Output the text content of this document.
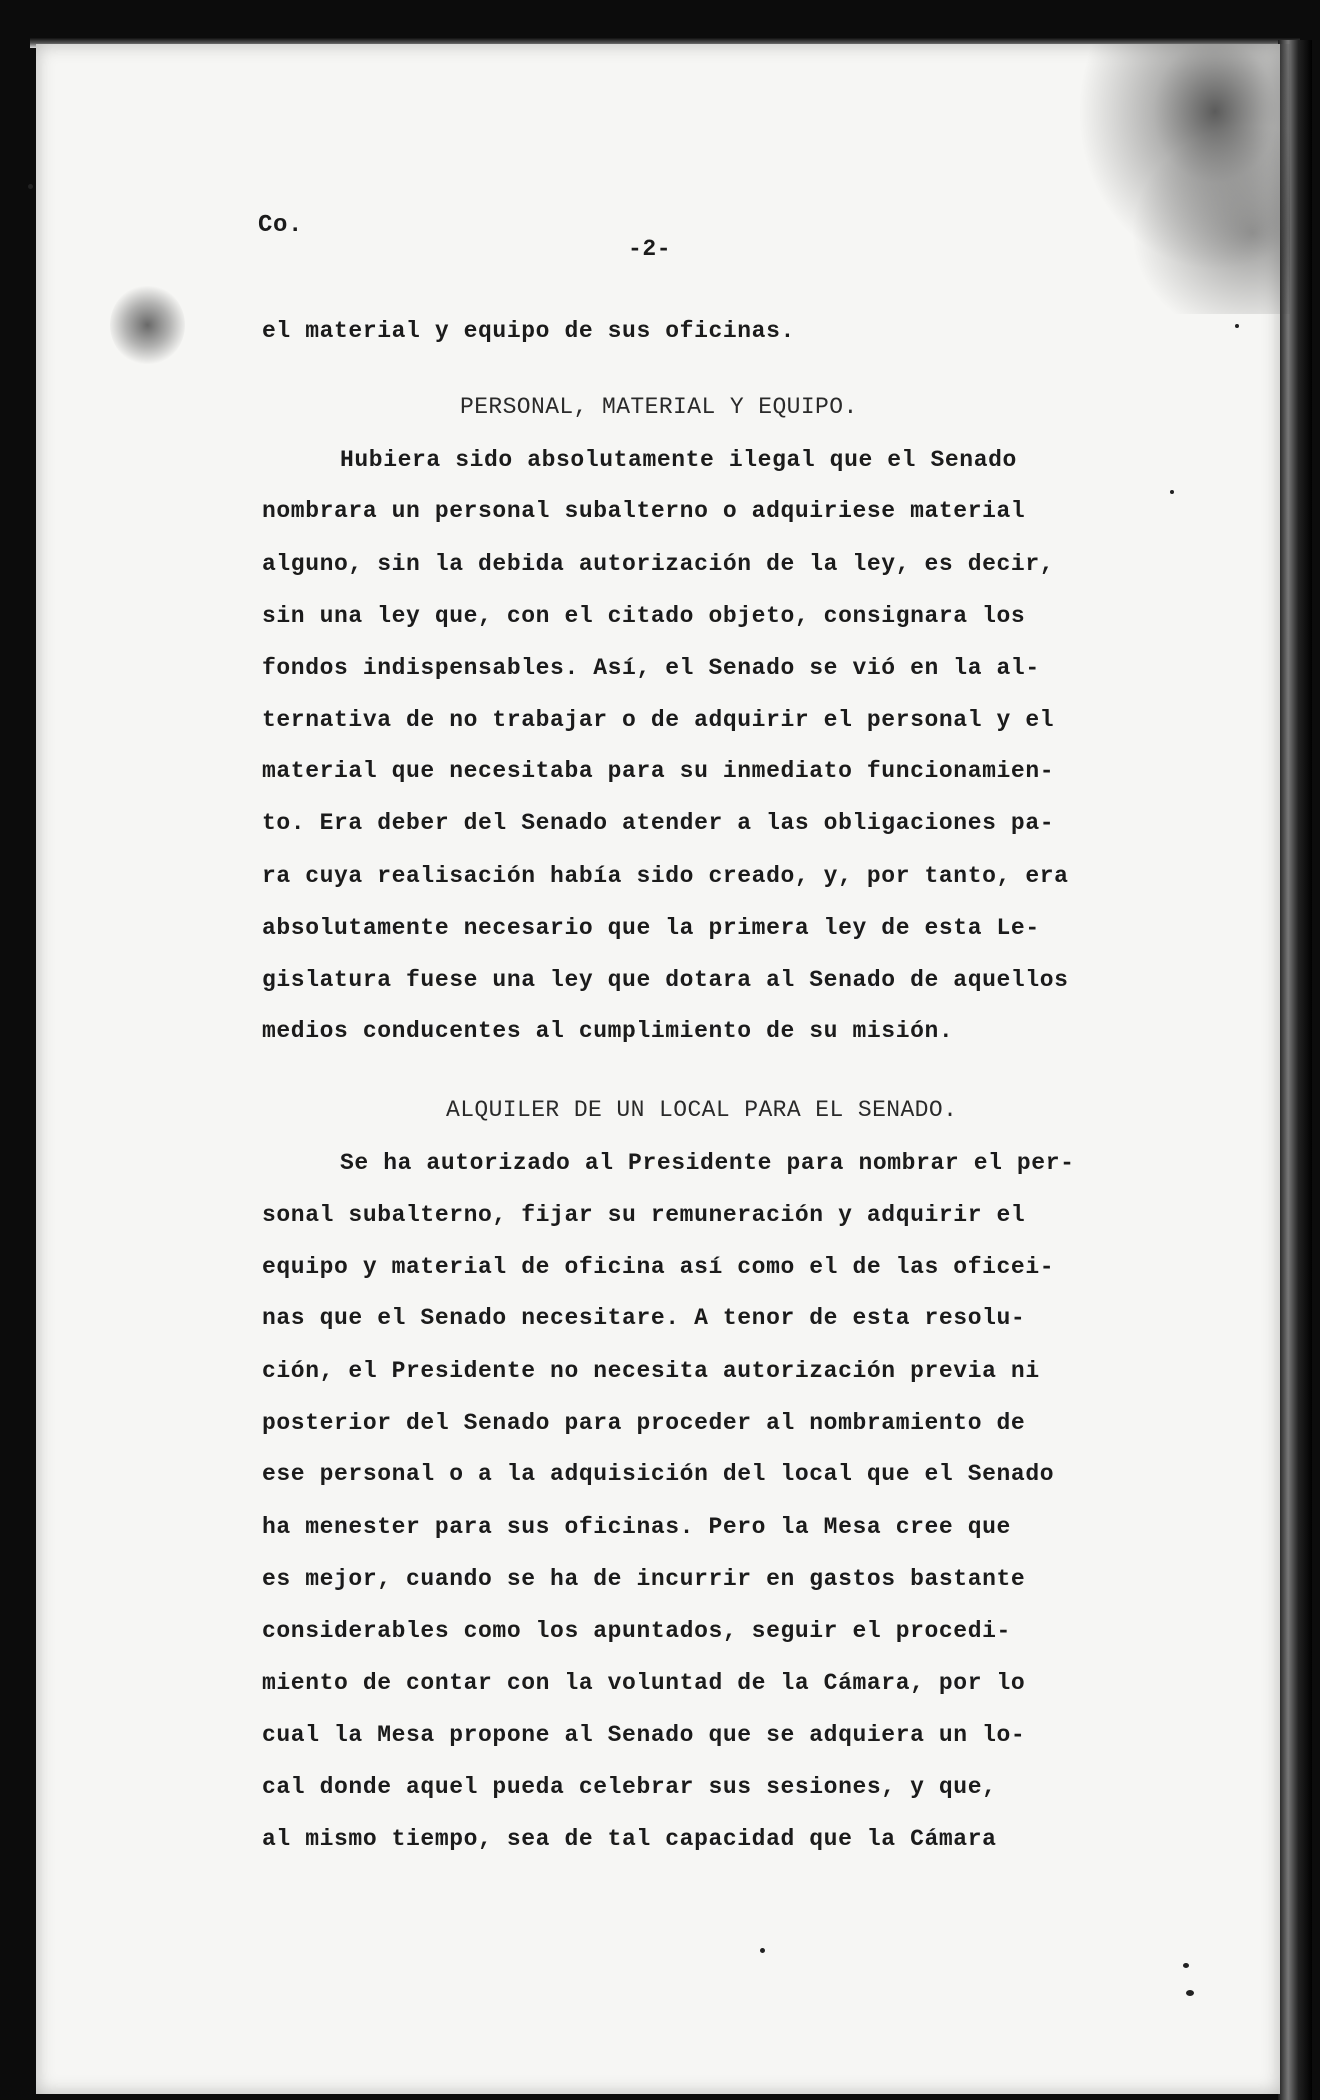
Co.
-2-
el material y equipo de sus oficinas.
PERSONAL, MATERIAL Y EQUIPO.
Hubiera sido absolutamente ilegal que el Senado
nombrara un personal subalterno o adquiriese material
alguno, sin la debida autorización de la ley, es decir,
sin una ley que, con el citado objeto, consignara los
fondos indispensables. Así, el Senado se vió en la al-
ternativa de no trabajar o de adquirir el personal y el
material que necesitaba para su inmediato funcionamien-
to. Era deber del Senado atender a las obligaciones pa-
ra cuya realisación había sido creado, y, por tanto, era
absolutamente necesario que la primera ley de esta Le-
gislatura fuese una ley que dotara al Senado de aquellos
medios conducentes al cumplimiento de su misión.
ALQUILER DE UN LOCAL PARA EL SENADO.
Se ha autorizado al Presidente para nombrar el per-
sonal subalterno, fijar su remuneración y adquirir el
equipo y material de oficina así como el de las oficei-
nas que el Senado necesitare. A tenor de esta resolu-
ción, el Presidente no necesita autorización previa ni
posterior del Senado para proceder al nombramiento de
ese personal o a la adquisición del local que el Senado
ha menester para sus oficinas. Pero la Mesa cree que
es mejor, cuando se ha de incurrir en gastos bastante
considerables como los apuntados, seguir el procedi-
miento de contar con la voluntad de la Cámara, por lo
cual la Mesa propone al Senado que se adquiera un lo-
cal donde aquel pueda celebrar sus sesiones, y que,
al mismo tiempo, sea de tal capacidad que la Cámara
